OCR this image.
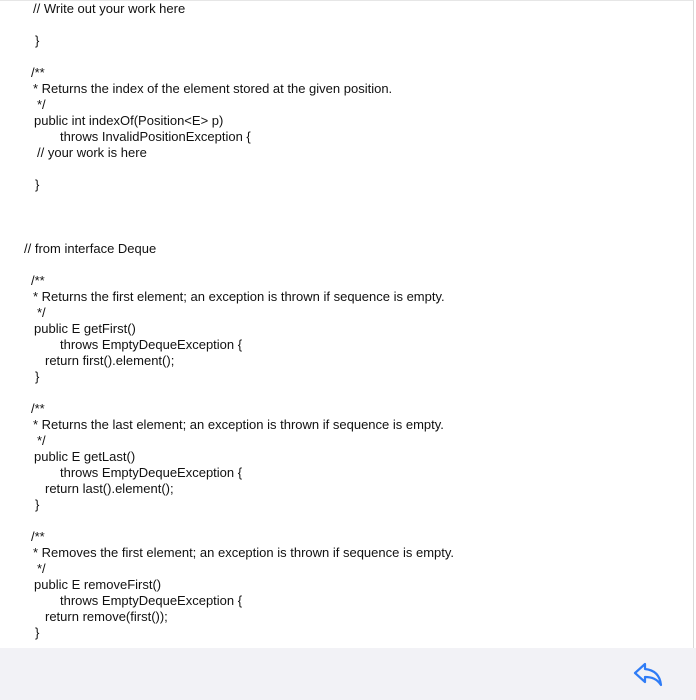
// Write out your work here
}
/**
* Returns the index of the element stored at the given position.
*/
public int indexOf(Position<E> p)
throws InvalidPositionException {
// your work is here
}
// from interface Deque
/**
* Returns the first element; an exception is thrown if sequence is empty.
*/
public E getFirst()
throws EmptyDequeException {
return first().element();
}
/**
* Returns the last element; an exception is thrown if sequence is empty.
*/
public E getLast()
throws EmptyDequeException {
return last().element();
}
/**
* Removes the first element; an exception is thrown if sequence is empty.
*/
public E removeFirst()
throws EmptyDequeException {
return remove(first());
}
